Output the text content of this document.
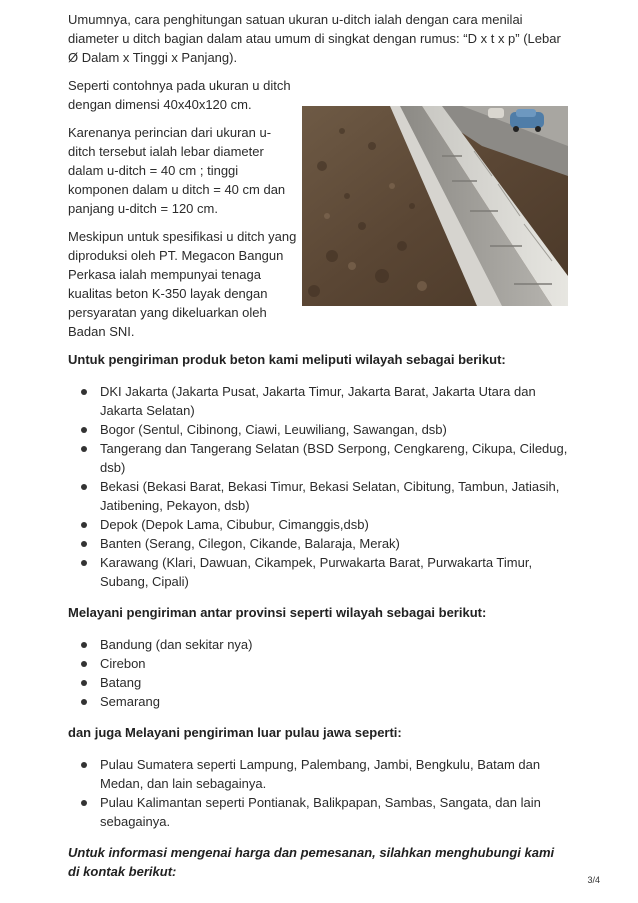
Umumnya, cara penghitungan satuan ukuran u-ditch ialah dengan cara menilai diameter u ditch bagian dalam atau umum di singkat dengan rumus: “D x t x p” (Lebar Ø Dalam x Tinggi x Panjang).

Seperti contohnya pada ukuran u ditch dengan dimensi 40x40x120 cm.

Karenanya perincian dari ukuran u-ditch tersebut ialah lebar diameter dalam u-ditch = 40 cm ; tinggi komponen dalam u ditch = 40 cm dan panjang u-ditch = 120 cm.

Meskipun untuk spesifikasi u ditch yang diproduksi oleh PT. Megacon Bangun Perkasa ialah mempunyai tenaga kualitas beton K-350 layak dengan persyaratan yang dikeluarkan oleh Badan SNI.

Untuk pengiriman produk beton kami meliputi wilayah sebagai berikut:
DKI Jakarta (Jakarta Pusat, Jakarta Timur, Jakarta Barat, Jakarta Utara dan Jakarta Selatan)
Bogor (Sentul, Cibinong, Ciawi, Leuwiliang, Sawangan, dsb)
Tangerang dan Tangerang Selatan (BSD Serpong, Cengkareng, Cikupa, Ciledug, dsb)
Bekasi (Bekasi Barat, Bekasi Timur, Bekasi Selatan, Cibitung, Tambun, Jatiasih, Jatibening, Pekayon, dsb)
Depok (Depok Lama, Cibubur, Cimanggis,dsb)
Banten (Serang, Cilegon, Cikande, Balaraja, Merak)
Karawang (Klari, Dawuan, Cikampek, Purwakarta Barat, Purwakarta Timur, Subang, Cipali)
Melayani pengiriman antar provinsi seperti wilayah sebagai berikut:
Bandung (dan sekitar nya)
Cirebon
Batang
Semarang
dan juga Melayani pengiriman luar pulau jawa seperti:
Pulau Sumatera seperti Lampung, Palembang, Jambi, Bengkulu, Batam dan Medan, dan lain sebagainya.
Pulau Kalimantan seperti Pontianak, Balikpapan, Sambas, Sangata, dan lain sebagainya.
Untuk informasi mengenai harga dan pemesanan, silahkan menghubungi kami di kontak berikut:
3/4
